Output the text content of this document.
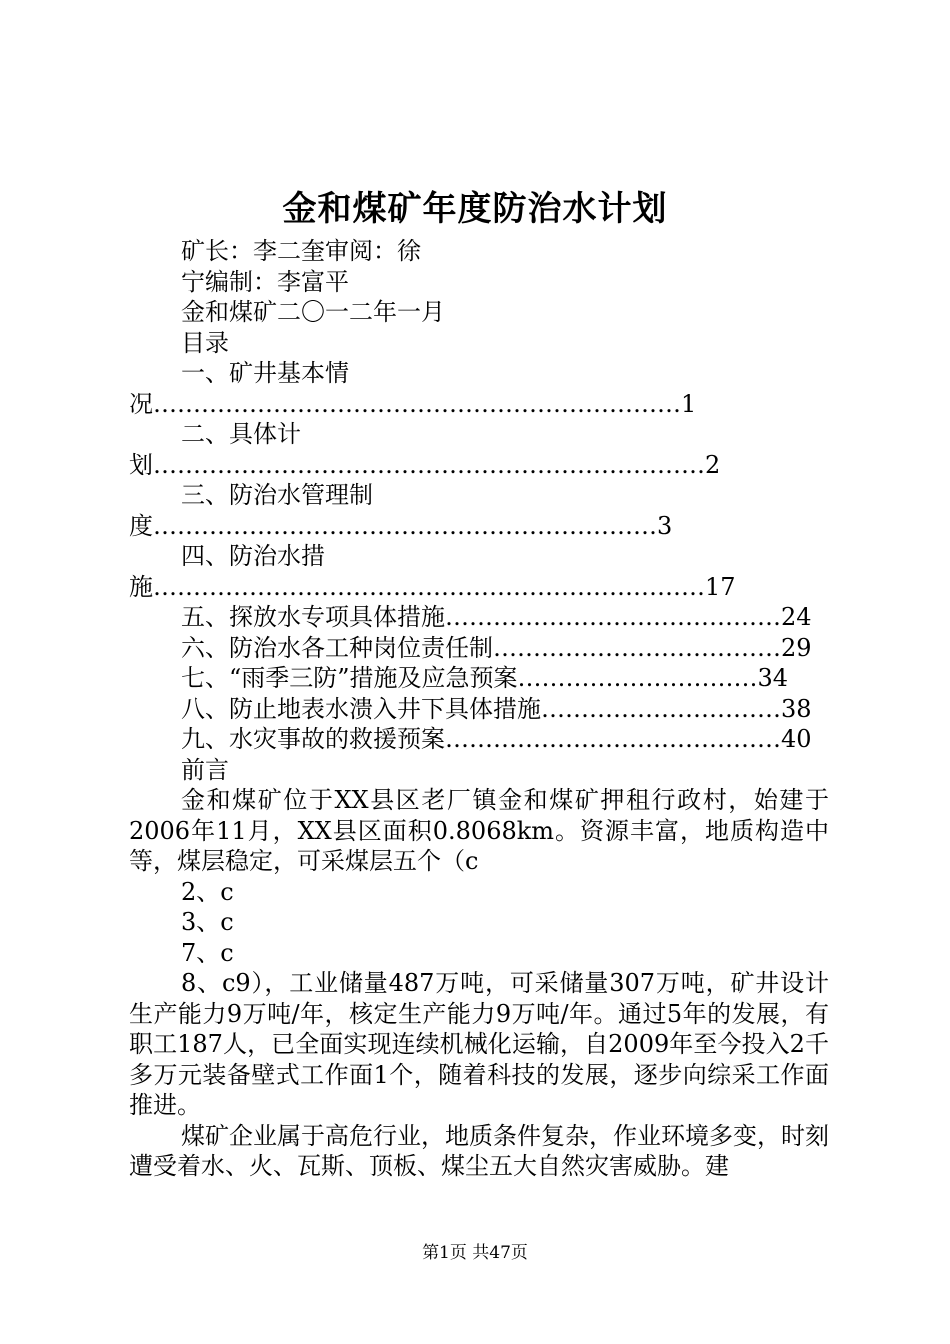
金和煤矿年度防治水计划

矿长：李二奎审阅：徐

宁编制：李富平

金和煤矿二〇一二年一月

目录

一、矿井基本情况…………………………………………………………1

二、具体计划……………………………………………………………2

三、防治水管理制度………………………………………………………3

四、防治水措施……………………………………………………………17

五、探放水专项具体措施……………………………………24

六、防治水各工种岗位责任制………………………………29

七、“雨季三防”措施及应急预案…………………………34

八、防止地表水溃入井下具体措施…………………………38

九、水灾事故的救援预案……………………………………40

前言

金和煤矿位于XX县区老厂镇金和煤矿押租行政村，始建于2006年11月，XX县区面积0.8068km。资源丰富，地质构造中等，煤层稳定，可采煤层五个（c

2、c

3、c

7、c

8、c9），工业储量487万吨，可采储量307万吨，矿井设计生产能力9万吨/年，核定生产能力9万吨/年。通过5年的发展，有职工187人，已全面实现连续机械化运输，自2009年至今投入2千多万元装备壁式工作面1个，随着科技的发展，逐步向综采工作面推进。

煤矿企业属于高危行业，地质条件复杂，作业环境多变，时刻遭受着水、火、瓦斯、顶板、煤尘五大自然灾害威胁。建

第1页 共47页
